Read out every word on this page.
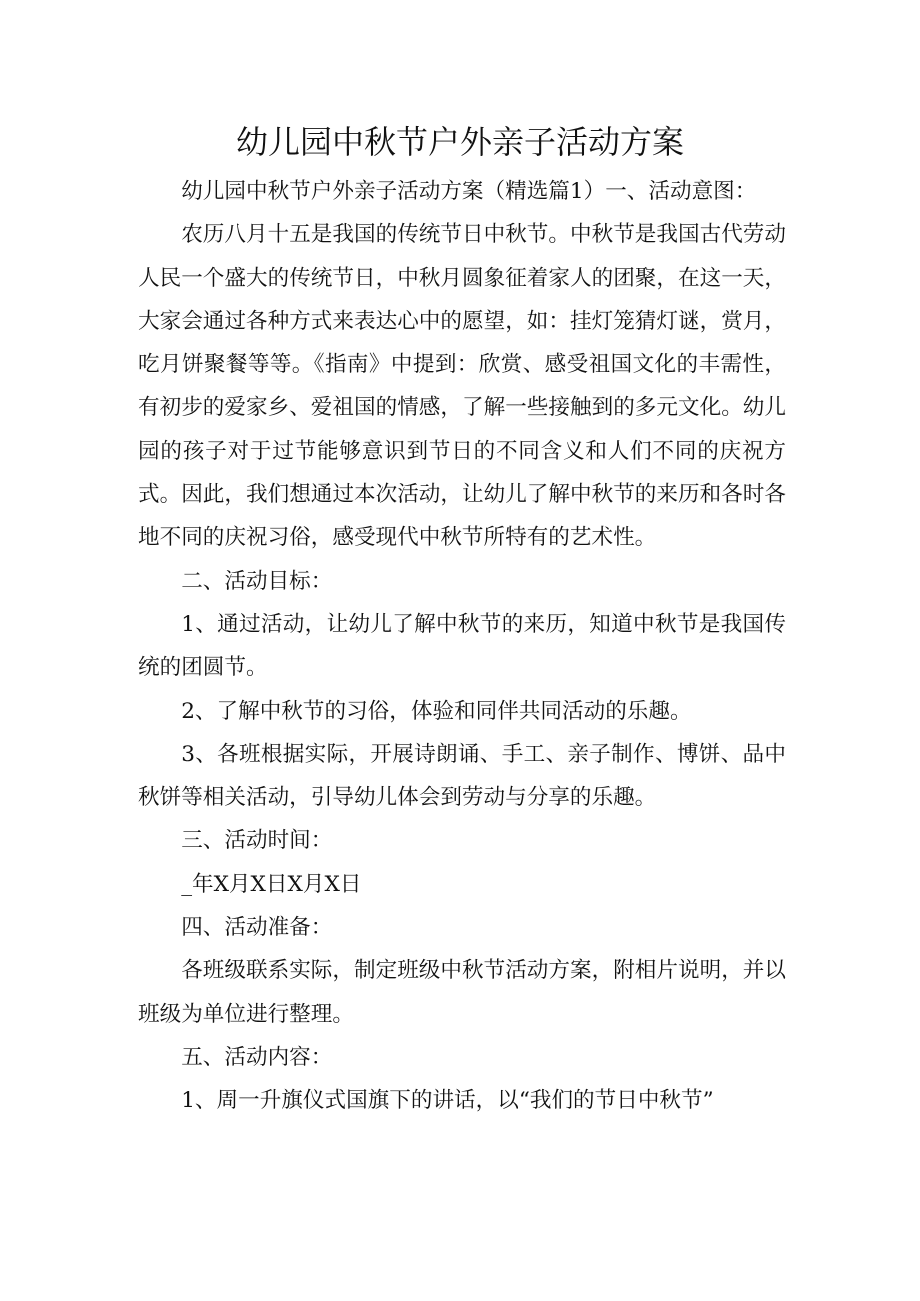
幼儿园中秋节户外亲子活动方案

幼儿园中秋节户外亲子活动方案（精选篇1）一、活动意图：

农历八月十五是我国的传统节日中秋节。中秋节是我国古代劳动人民一个盛大的传统节日，中秋月圆象征着家人的团聚，在这一天，大家会通过各种方式来表达心中的愿望，如：挂灯笼猜灯谜，赏月，吃月饼聚餐等等。《指南》中提到：欣赏、感受祖国文化的丰需性，有初步的爱家乡、爱祖国的情感，了解一些接触到的多元文化。幼儿园的孩子对于过节能够意识到节日的不同含义和人们不同的庆祝方式。因此，我们想通过本次活动，让幼儿了解中秋节的来历和各时各地不同的庆祝习俗，感受现代中秋节所特有的艺术性。

二、活动目标：

1、通过活动，让幼儿了解中秋节的来历，知道中秋节是我国传统的团圆节。

2、了解中秋节的习俗，体验和同伴共同活动的乐趣。

3、各班根据实际，开展诗朗诵、手工、亲子制作、博饼、品中秋饼等相关活动，引导幼儿体会到劳动与分享的乐趣。

三、活动时间：

_年X月X日X月X日

四、活动准备：

各班级联系实际，制定班级中秋节活动方案，附相片说明，并以班级为单位进行整理。

五、活动内容：

1、周一升旗仪式国旗下的讲话，以“我们的节日中秋节”
